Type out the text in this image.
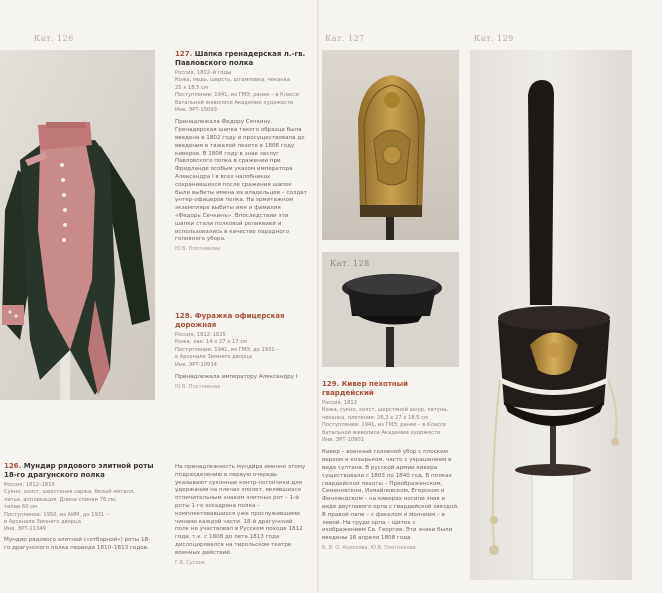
Кат. 126
126. Мундир рядового элитной роты 18-го драгунского полка
Россия, 1812–1815
Сукно, холст, шерстяная саржа, белый металл,
литье, аппликация. Длина спинки 76 см;
талии 60 см
Поступление: 1950, из АИМ, до 1931 –
в Арсенале Зимнего дворца
Инв. ЭРТ-11349
Мундир рядового элитной («отборной») роты 18-го драгунского полка периода 1810–1813 годов.
127. Шапка гренадерская л.-гв. Павловского полка
Россия, 1802–й годы
Кожа, медь, шерсть, штамповка, чеканка
25 x 18,5 см
Поступление: 1941, из ГМЭ; ранее – в Классе
батальной живописи Академии художеств
Инв. ЭРТ-15093
Принадлежала Федору Сечкину. Гренадерская шапка такого образца была введена в 1802 году и просуществовала до введения в тяжелой пехоте в 1808 году киверов. В 1808 году в знак заслуг Павловского полка в сражении при Фридланде особым указом императора Александра I в всех налобниках сохранившихся после сражения шапок были выбиты имена их владельцев – солдат унтер-офицеров полка. На эрмитажном экземпляре выбиты имя и фамилия «Федорь Сечкинъ». Впоследствии эти шапки стали полковой реликвией и использовались в качестве парадного головного убора.
Ю.В. Плотникова
128. Фуражка офицерская дорожная
Россия, 1812–1825
Кожа, лак: 14 x 27 x 17 см
Поступление: 1941, из ГМЭ, до 1931 –
в Арсенале Зимнего дворца
Инв. ЭРТ-10934
Принадлежала императору Александру I
Ю.В. Плотникова
На принадлежность мундира именно этому подразделению в первую очередь указывают суконные контр-погончики для удержания на плечах эполет, являвшихся отличительным знаком элитных рот – 1-й роты 1-го эскадрона полка – комплектовавшихся уже прослужившими чинами каждой части. 18-й драгунский полк не участвовал в Русском походе 1812 года, т.к. с 1808 до лета 1813 года дислоцировался на тирольском театре военных действий.
Г.В. Суслов
Кат. 127	Кат. 129
Кат. 128
129. Кивер пехотный гвардейский
Россия, 1812
Кожа, сукно, холст, шерстяной шнур, латунь,
чеканка, плетение: 26,3 x 27 x 18,5 см
Поступление: 1941, из ГМЭ; ранее – в Классе
батальной живописи Академии художеств
Инв. ЭРТ-10901
Кивер – военный головной убор с плоским верхом и козырьком, часто с украшением в виде султана. В русской армии кивера существовали с 1803 по 1840 год. В полках гвардейской пехоты – Преображенском, Семеновском, Измайловском, Егерском и Финляндском – на киверах носили знак в виде двуглавого орла с гвардейской звездой. В правой лапе – с факелом и молнием – в левой. На груди орла – щиток с изображением Св. Георгия. Эти знаки были введены 16 апреля 1808 года
Б. В. О. Ахиллова, Ю.В. Плотникова
